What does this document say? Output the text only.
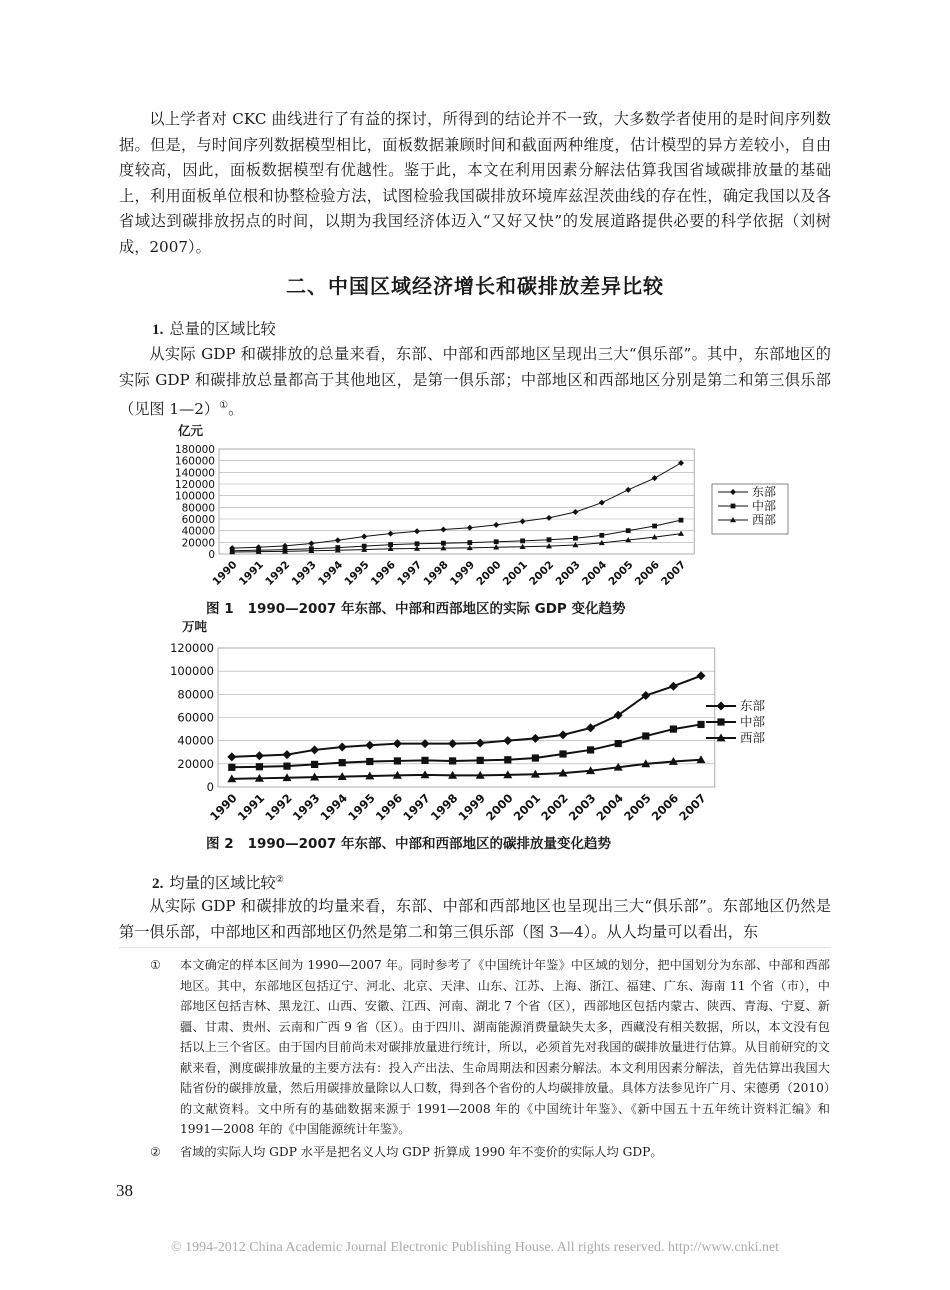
以上学者对 CKC 曲线进行了有益的探讨，所得到的结论并不一致，大多数学者使用的是时间序列数据。但是，与时间序列数据模型相比，面板数据兼顾时间和截面两种维度，估计模型的异方差较小，自由度较高，因此，面板数据模型有优越性。鉴于此，本文在利用因素分解法估算我国省域碳排放量的基础上，利用面板单位根和协整检验方法，试图检验我国碳排放环境库兹涅茨曲线的存在性，确定我国以及各省域达到碳排放拐点的时间，以期为我国经济体迈入“又好又快”的发展道路提供必要的科学依据（刘树成，2007）。

二、中国区域经济增长和碳排放差异比较

1. 总量的区域比较

从实际 GDP 和碳排放的总量来看，东部、中部和西部地区呈现出三大“俱乐部”。其中，东部地区的实际 GDP 和碳排放总量都高于其他地区，是第一俱乐部；中部地区和西部地区分别是第二和第三俱乐部（见图 1—2）①。

亿元
0
20000
40000
60000
80000
100000
120000
140000
160000
180000
1990
1991
1992
1993
1994
1995
1996
1997
1998
1999
2000
2001
2002
2003
2004
2005
2006
2007
东部
中部
西部

图 1 1990—2007 年东部、中部和西部地区的实际 GDP 变化趋势

万吨
0
20000
40000
60000
80000
100000
120000
1990
1991
1992
1993
1994
1995
1996
1997
1998
1999
2000
2001
2002
2003
2004
2005
2006
2007
东部
中部
西部

图 2 1990—2007 年东部、中部和西部地区的碳排放量变化趋势

2. 均量的区域比较②

从实际 GDP 和碳排放的均量来看，东部、中部和西部地区也呈现出三大“俱乐部”。东部地区仍然是第一俱乐部，中部地区和西部地区仍然是第二和第三俱乐部（图 3—4）。从人均量可以看出，东

① 本文确定的样本区间为 1990—2007 年。同时参考了《中国统计年鉴》中区域的划分，把中国划分为东部、中部和西部地区。其中，东部地区包括辽宁、河北、北京、天津、山东、江苏、上海、浙江、福建、广东、海南 11 个省（市），中部地区包括吉林、黑龙江、山西、安徽、江西、河南、湖北 7 个省（区），西部地区包括内蒙古、陕西、青海、宁夏、新疆、甘肃、贵州、云南和广西 9 省（区）。由于四川、湖南能源消费量缺失太多，西藏没有相关数据，所以，本文没有包括以上三个省区。由于国内目前尚未对碳排放量进行统计，所以，必须首先对我国的碳排放量进行估算。从目前研究的文献来看，测度碳排放量的主要方法有：投入产出法、生命周期法和因素分解法。本文利用因素分解法，首先估算出我国大陆省份的碳排放量，然后用碳排放量除以人口数，得到各个省份的人均碳排放量。具体方法参见许广月、宋德勇（2010）的文献资料。文中所有的基础数据来源于 1991—2008 年的《中国统计年鉴》、《新中国五十五年统计资料汇编》和 1991—2008 年的《中国能源统计年鉴》。

② 省域的实际人均 GDP 水平是把名义人均 GDP 折算成 1990 年不变价的实际人均 GDP。

38

© 1994-2012 China Academic Journal Electronic Publishing House. All rights reserved. http://www.cnki.net
